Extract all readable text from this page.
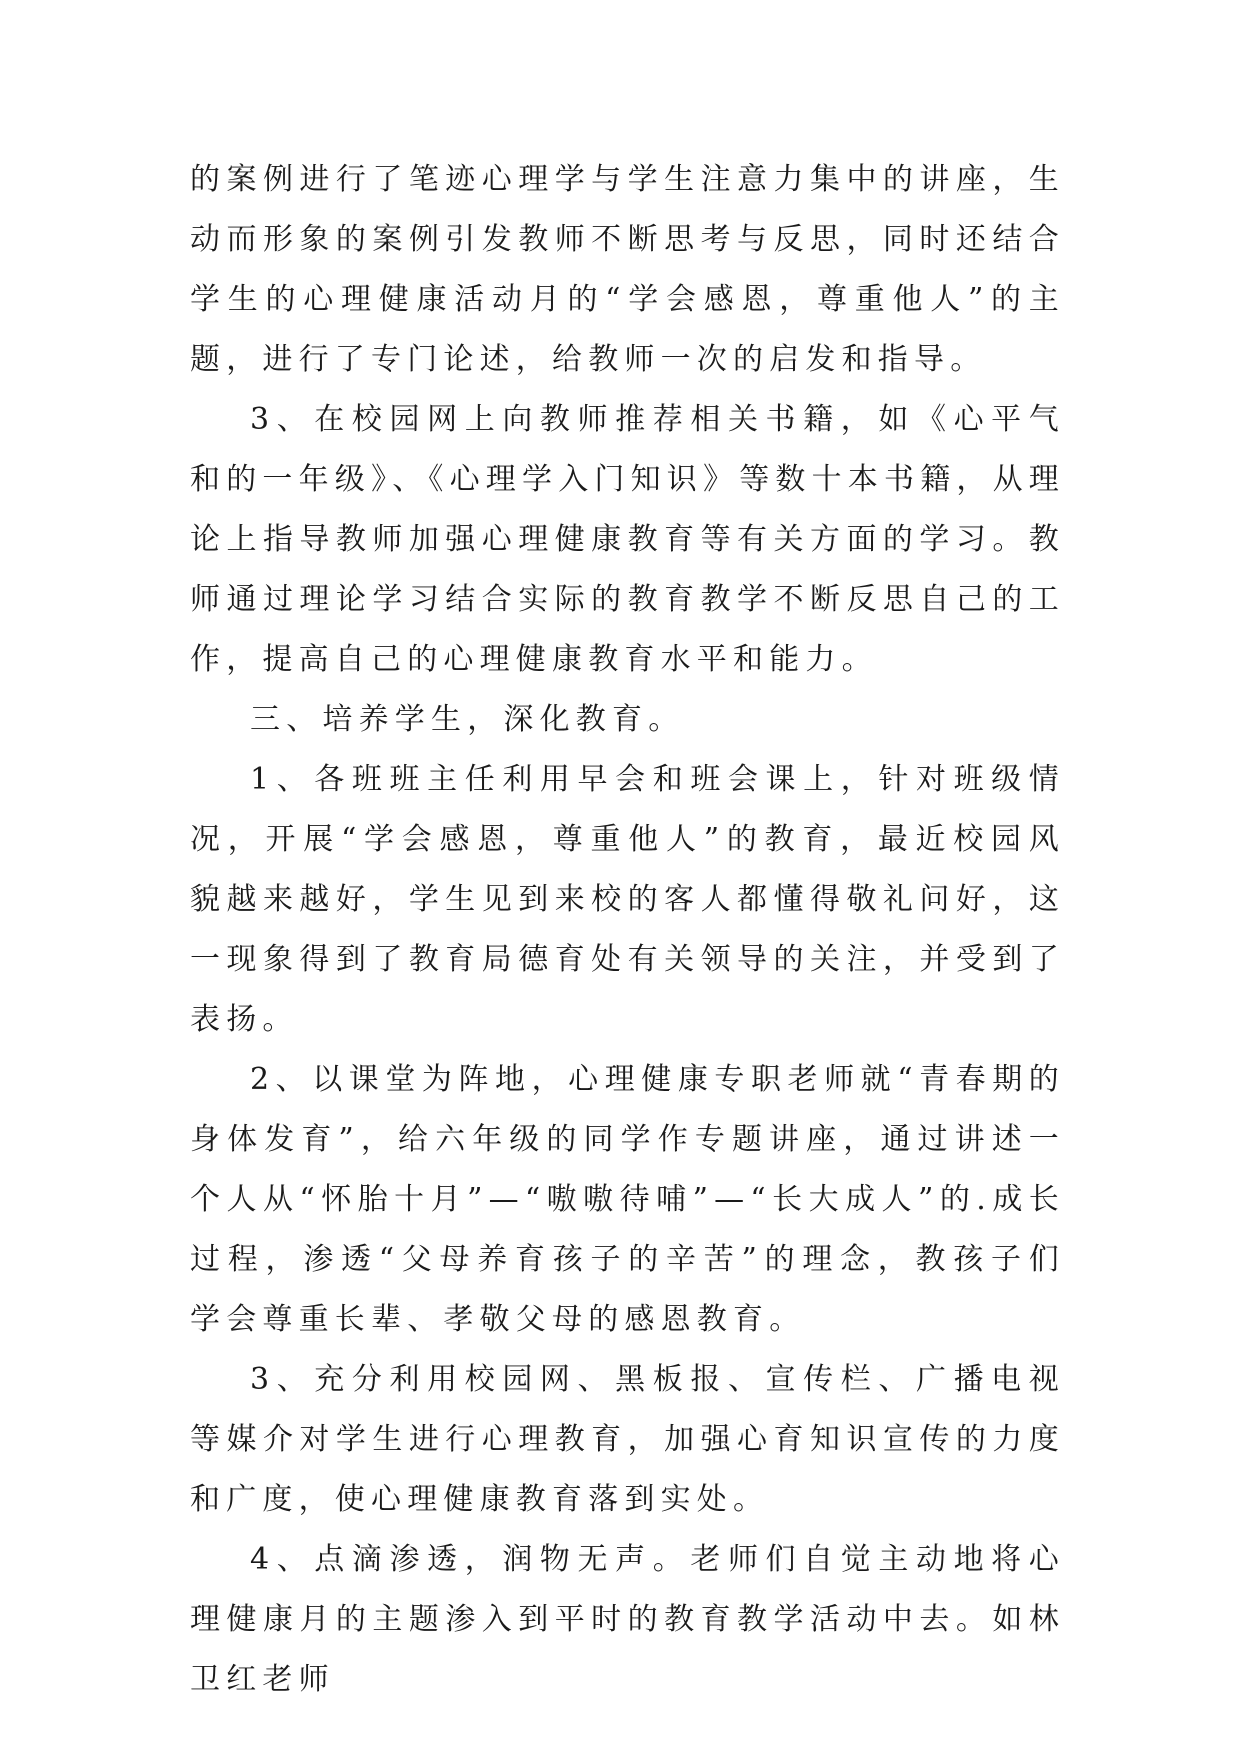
的案例进行了笔迹心理学与学生注意力集中的讲座，生动而形象的案例引发教师不断思考与反思，同时还结合学生的心理健康活动月的“学会感恩，尊重他人”的主题，进行了专门论述，给教师一次的启发和指导。

3、在校园网上向教师推荐相关书籍，如《心平气和的一年级》、《心理学入门知识》等数十本书籍，从理论上指导教师加强心理健康教育等有关方面的学习。教师通过理论学习结合实际的教育教学不断反思自己的工作，提高自己的心理健康教育水平和能力。

三、培养学生，深化教育。

1、各班班主任利用早会和班会课上，针对班级情况，开展“学会感恩，尊重他人”的教育，最近校园风貌越来越好，学生见到来校的客人都懂得敬礼问好，这一现象得到了教育局德育处有关领导的关注，并受到了表扬。

2、以课堂为阵地，心理健康专职老师就“青春期的身体发育”，给六年级的同学作专题讲座，通过讲述一个人从“怀胎十月”—“嗷嗷待哺”—“长大成人”的.成长过程，渗透“父母养育孩子的辛苦”的理念，教孩子们学会尊重长辈、孝敬父母的感恩教育。

3、充分利用校园网、黑板报、宣传栏、广播电视等媒介对学生进行心理教育，加强心育知识宣传的力度和广度，使心理健康教育落到实处。

4、点滴渗透，润物无声。老师们自觉主动地将心理健康月的主题渗入到平时的教育教学活动中去。如林卫红老师
